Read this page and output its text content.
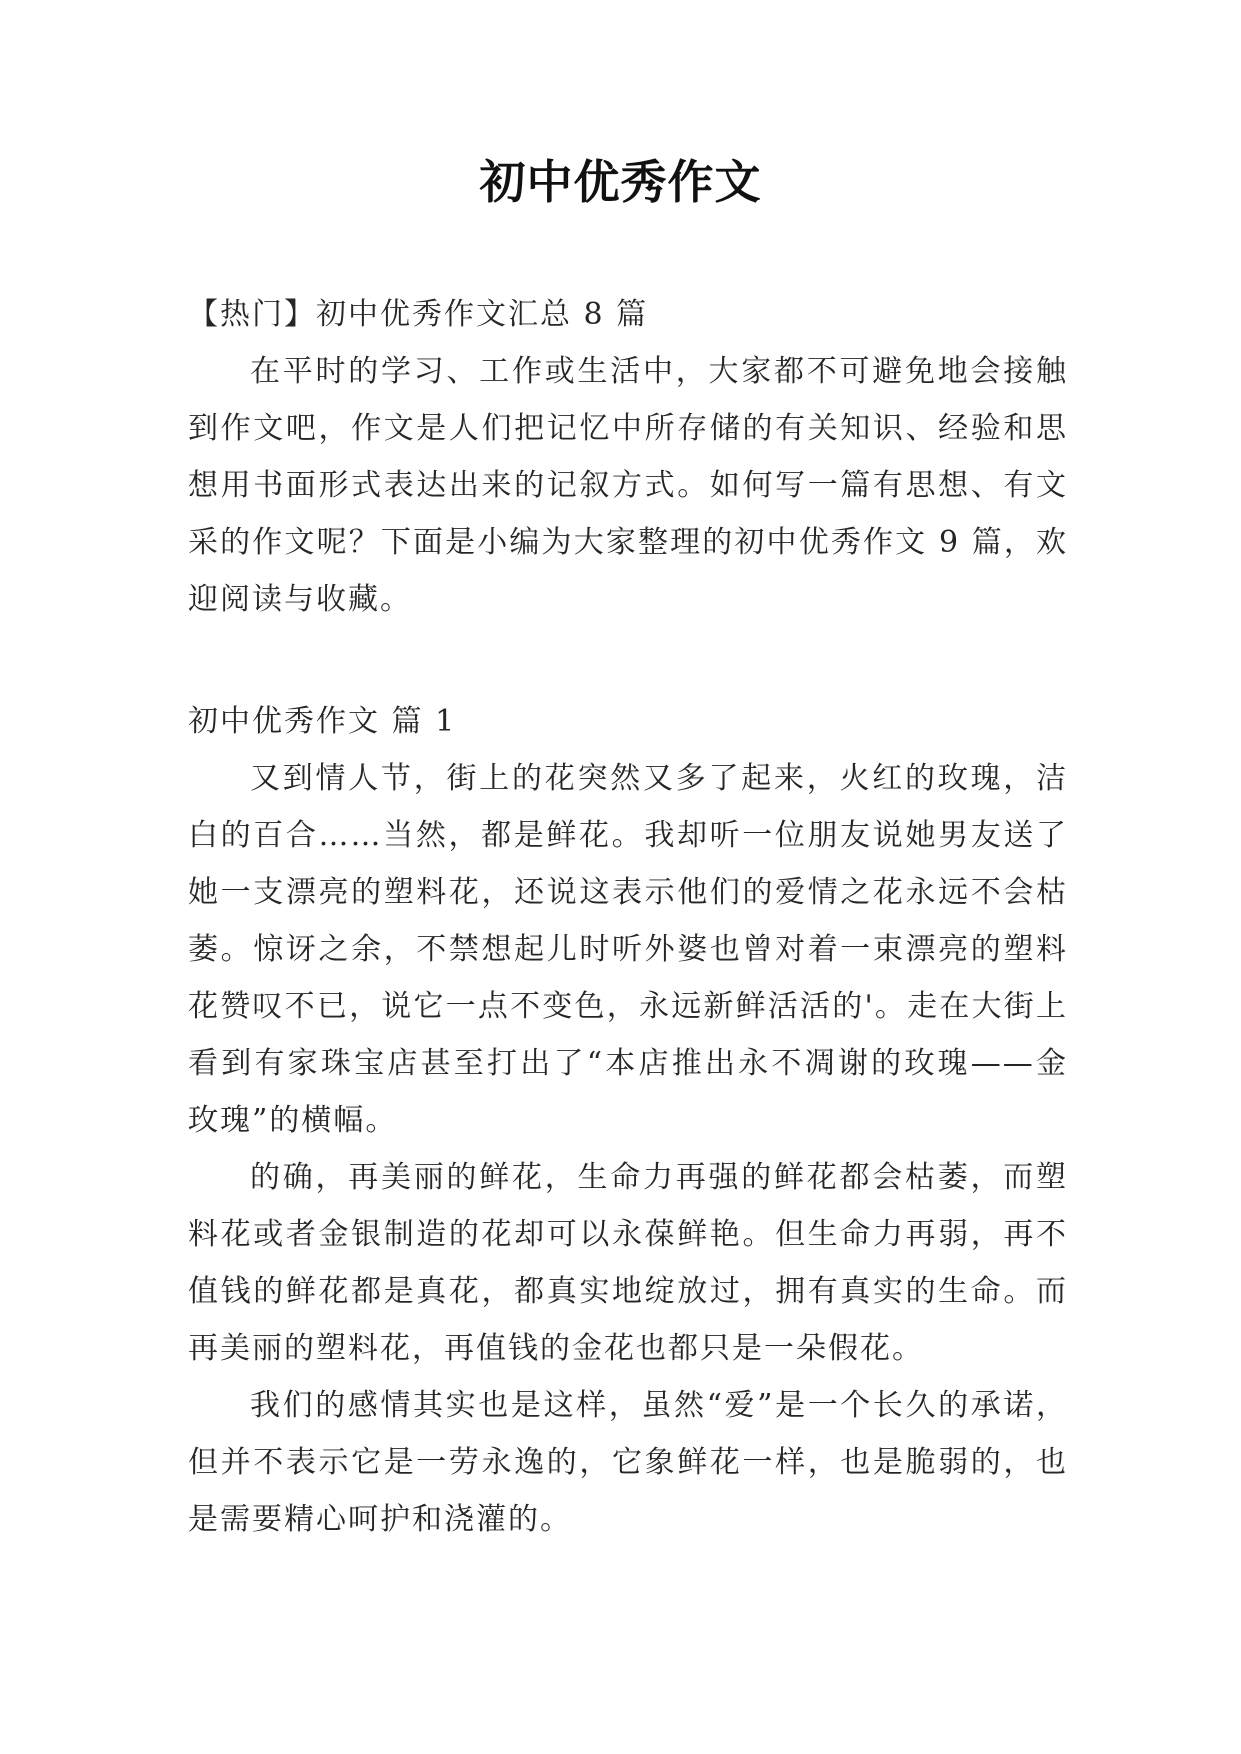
初中优秀作文

【热门】初中优秀作文汇总 8 篇

在平时的学习、工作或生活中，大家都不可避免地会接触到作文吧，作文是人们把记忆中所存储的有关知识、经验和思想用书面形式表达出来的记叙方式。如何写一篇有思想、有文采的作文呢？下面是小编为大家整理的初中优秀作文 9 篇，欢迎阅读与收藏。

初中优秀作文 篇 1

又到情人节，街上的花突然又多了起来，火红的玫瑰，洁白的百合……当然，都是鲜花。我却听一位朋友说她男友送了她一支漂亮的塑料花，还说这表示他们的爱情之花永远不会枯萎。惊讶之余，不禁想起儿时听外婆也曾对着一束漂亮的塑料花赞叹不已，说它一点不变色，永远新鲜活活的'。走在大街上看到有家珠宝店甚至打出了“本店推出永不凋谢的玫瑰——金玫瑰”的横幅。

的确，再美丽的鲜花，生命力再强的鲜花都会枯萎，而塑料花或者金银制造的花却可以永葆鲜艳。但生命力再弱，再不值钱的鲜花都是真花，都真实地绽放过，拥有真实的生命。而再美丽的塑料花，再值钱的金花也都只是一朵假花。

我们的感情其实也是这样，虽然“爱”是一个长久的承诺，但并不表示它是一劳永逸的，它象鲜花一样，也是脆弱的，也是需要精心呵护和浇灌的。
